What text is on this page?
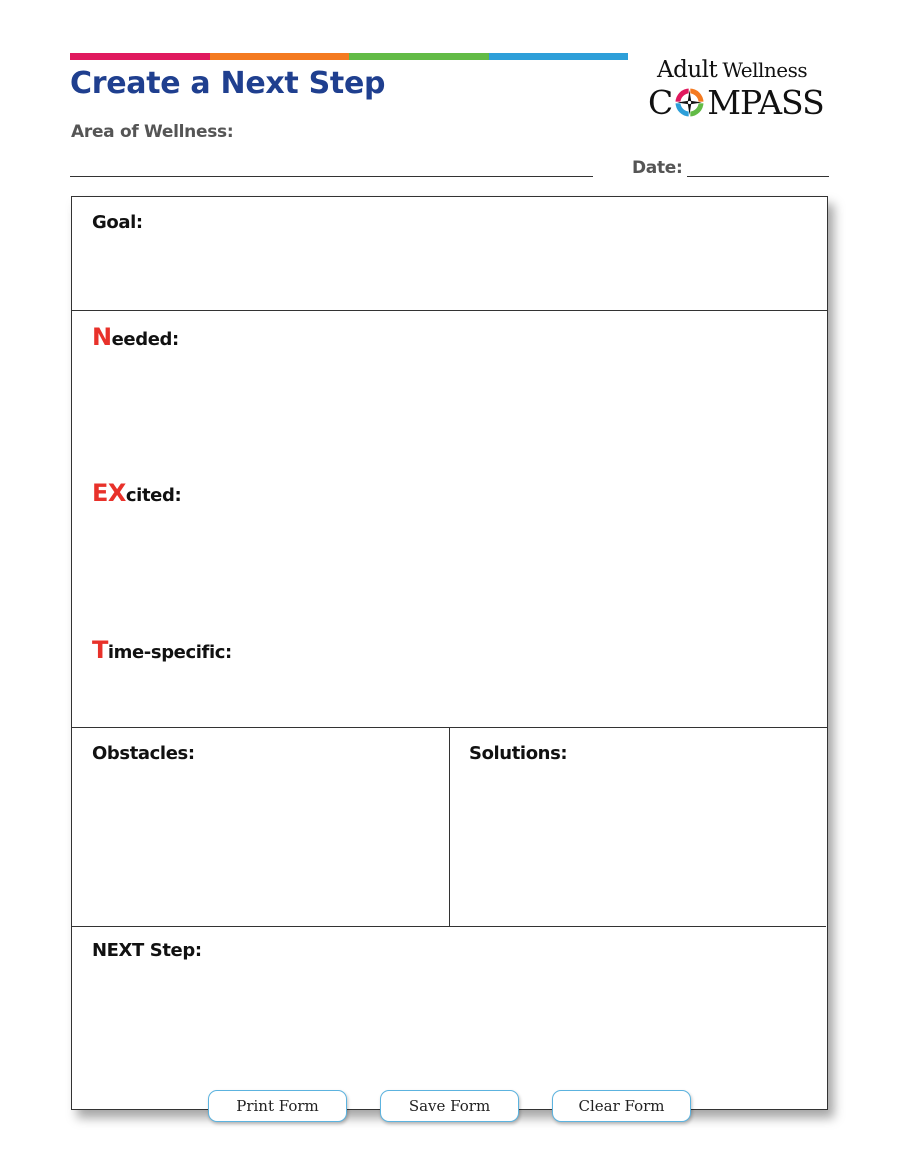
Create a Next Step
Area of Wellness:
Date:
Adult Wellness
C MPASS
Goal:
Needed:
EXcited:
Time-specific:
Obstacles:	Solutions:
NEXT Step:
Print Form	Save Form	Clear Form
